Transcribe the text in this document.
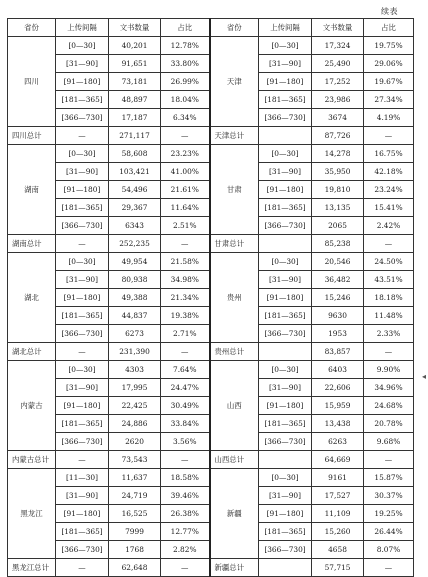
续表
省份	上传间隔	文书数量	占比	省份	上传间隔	文书数量	占比
四川	[0—30]	40,201	12.78%	天津	[0—30]	17,324	19.75%
	[31—90]	91,651	33.80%		[31—90]	25,490	29.06%
	[91—180]	73,181	26.99%		[91—180]	17,252	19.67%
	[181—365]	48,897	18.04%		[181—365]	23,986	27.34%
	[366—730]	17,187	6.34%		[366—730]	3674	4.19%
四川总计	—	271,117	—	天津总计		87,726	—
湖南	[0—30]	58,608	23.23%	甘肃	[0—30]	14,278	16.75%
	[31—90]	103,421	41.00%		[31—90]	35,950	42.18%
	[91—180]	54,496	21.61%		[91—180]	19,810	23.24%
	[181—365]	29,367	11.64%		[181—365]	13,135	15.41%
	[366—730]	6343	2.51%		[366—730]	2065	2.42%
湖南总计	—	252,235	—	甘肃总计		85,238	—
湖北	[0—30]	49,954	21.58%	贵州	[0—30]	20,546	24.50%
	[31—90]	80,938	34.98%		[31—90]	36,482	43.51%
	[91—180]	49,388	21.34%		[91—180]	15,246	18.18%
	[181—365]	44,837	19.38%		[181—365]	9630	11.48%
	[366—730]	6273	2.71%		[366—730]	1953	2.33%
湖北总计	—	231,390	—	贵州总计		83,857	—
内蒙古	[0—30]	4303	7.64%	山西	[0—30]	6403	9.90%
	[31—90]	17,995	24.47%		[31—90]	22,606	34.96%
	[91—180]	22,425	30.49%		[91—180]	15,959	24.68%
	[181—365]	24,886	33.84%		[181—365]	13,438	20.78%
	[366—730]	2620	3.56%		[366—730]	6263	9.68%
内蒙古总计	—	73,543	—	山西总计		64,669	—
黑龙江	[11—30]	11,637	18.58%	新疆	[0—30]	9161	15.87%
	[31—90]	24,719	39.46%		[31—90]	17,527	30.37%
	[91—180]	16,525	26.38%		[91—180]	11,109	19.25%
	[181—365]	7999	12.77%		[181—365]	15,260	26.44%
	[366—730]	1768	2.82%		[366—730]	4658	8.07%
黑龙江总计	—	62,648	—	新疆总计		57,715	—
◂
